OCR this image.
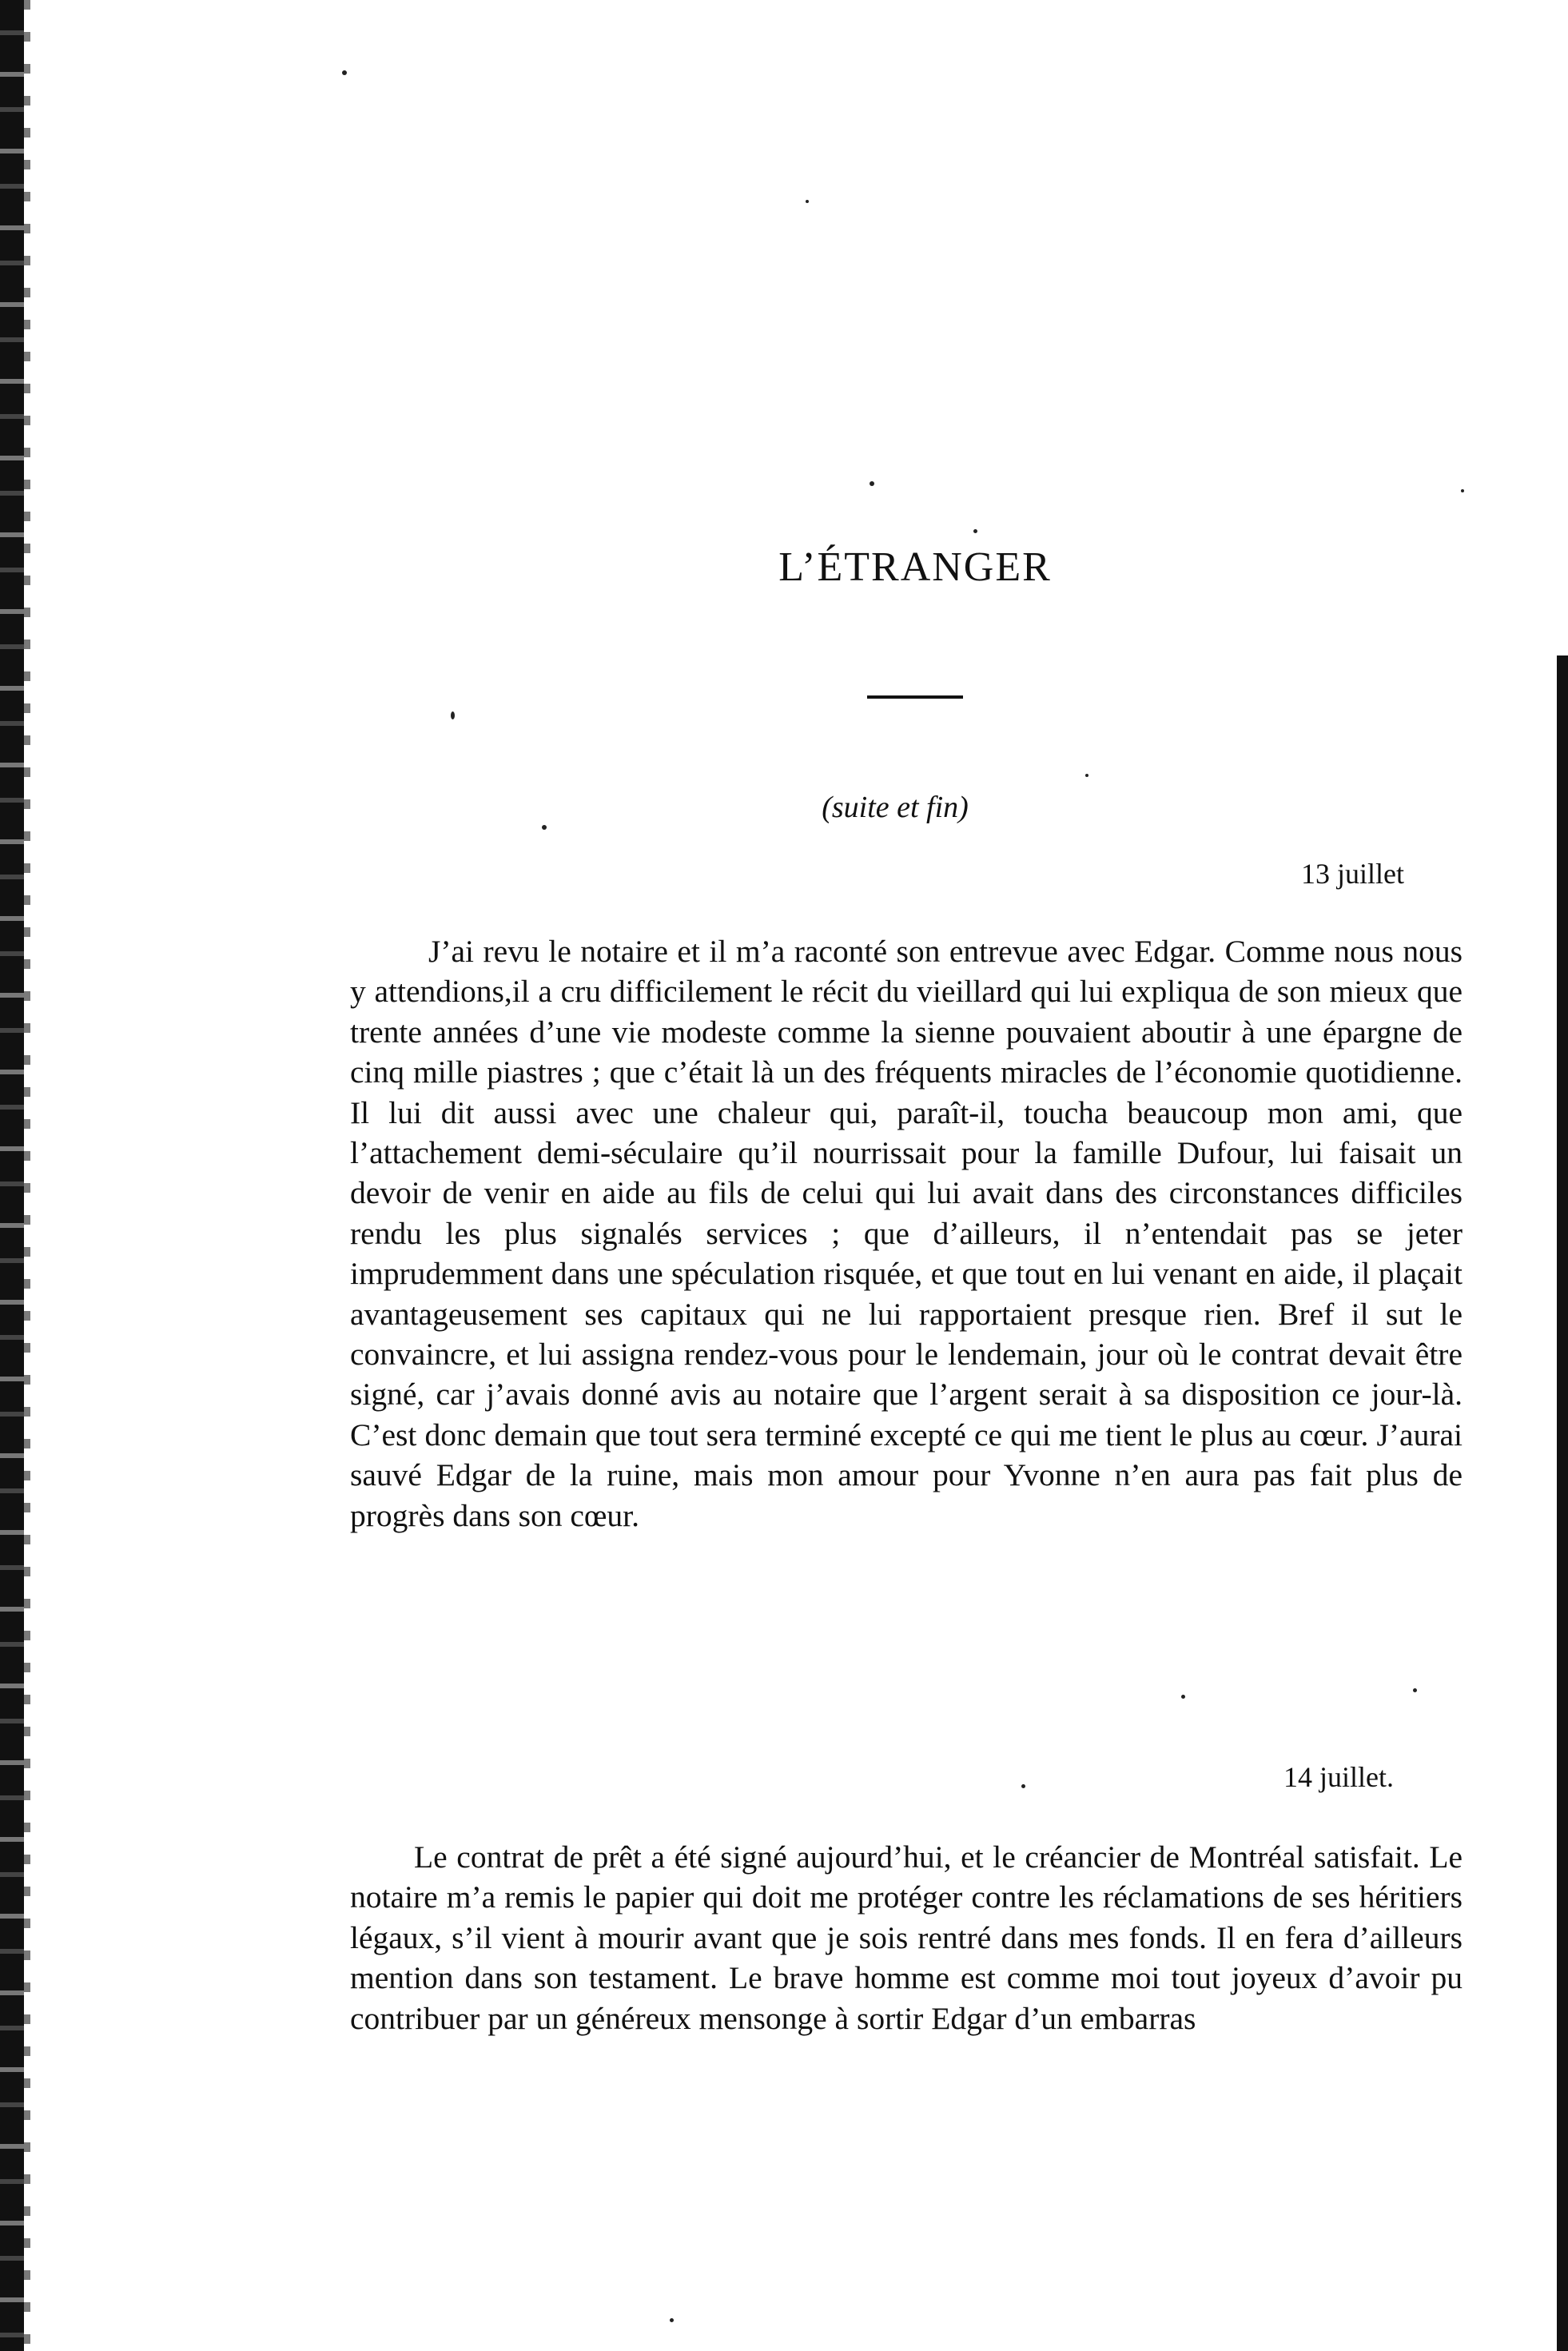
L’ÉTRANGER
(suite et fin)
13 juillet

J’ai revu le notaire et il m’a raconté son entrevue avec Edgar. Comme nous nous y attendions,il a cru difficilement le récit du vieillard qui lui expliqua de son mieux que trente années d’une vie modeste comme la sienne pouvaient aboutir à une épargne de cinq mille piastres ; que c’était là un des fréquents miracles de l’économie quotidienne. Il lui dit aussi avec une chaleur qui, paraît-il, toucha beaucoup mon ami, que l’attachement demi-séculaire qu’il nourrissait pour la famille Dufour, lui faisait un devoir de venir en aide au fils de celui qui lui avait dans des circonstances difficiles rendu les plus signalés services ; que d’ailleurs, il n’entendait pas se jeter imprudemment dans une spéculation risquée, et que tout en lui venant en aide, il plaçait avantageusement ses capitaux qui ne lui rapportaient presque rien. Bref il sut le convaincre, et lui assigna rendez-vous pour le lendemain, jour où le contrat devait être signé, car j’avais donné avis au notaire que l’argent serait à sa disposition ce jour-là. C’est donc demain que tout sera terminé excepté ce qui me tient le plus au cœur. J’aurai sauvé Edgar de la ruine, mais mon amour pour Yvonne n’en aura pas fait plus de progrès dans son cœur.

14 juillet.

Le contrat de prêt a été signé aujourd’hui, et le créancier de Montréal satisfait. Le notaire m’a remis le papier qui doit me protéger contre les réclamations de ses héritiers légaux, s’il vient à mourir avant que je sois rentré dans mes fonds. Il en fera d’ailleurs mention dans son testament. Le brave homme est comme moi tout joyeux d’avoir pu contribuer par un généreux mensonge à sortir Edgar d’un embarras
